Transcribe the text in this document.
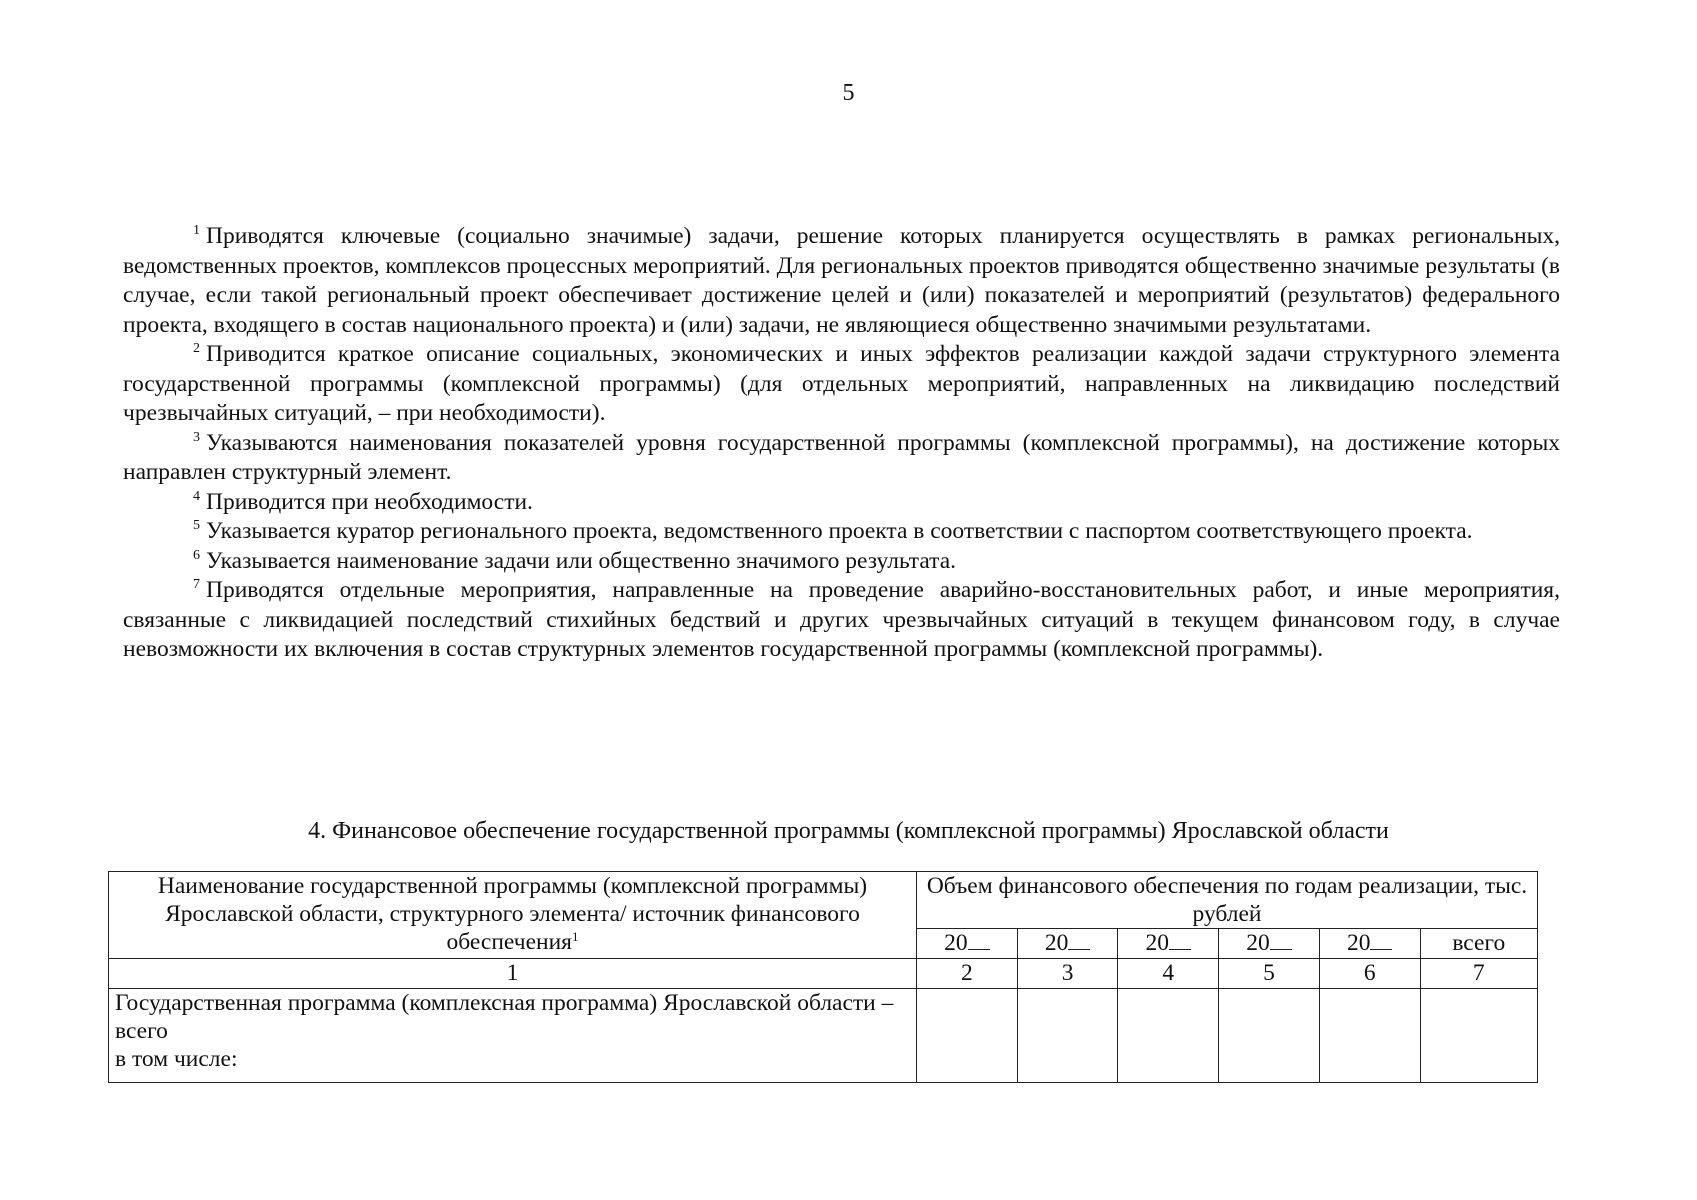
5

$^1$ Приводятся ключевые (социально значимые) задачи, решение которых планируется осуществлять в рамках региональных, ведомственных проектов, комплексов процессных мероприятий. Для региональных проектов приводятся общественно значимые результаты (в случае, если такой региональный проект обеспечивает достижение целей и (или) показателей и мероприятий (результатов) федерального проекта, входящего в состав национального проекта) и (или) задачи, не являющиеся общественно значимыми результатами.

$^2$ Приводится краткое описание социальных, экономических и иных эффектов реализации каждой задачи структурного элемента государственной программы (комплексной программы) (для отдельных мероприятий, направленных на ликвидацию последствий чрезвычайных ситуаций, – при необходимости).

$^3$ Указываются наименования показателей уровня государственной программы (комплексной программы), на достижение которых направлен структурный элемент.

$^4$ Приводится при необходимости.

$^5$ Указывается куратор регионального проекта, ведомственного проекта в соответствии с паспортом соответствующего проекта.

$^6$ Указывается наименование задачи или общественно значимого результата.

$^7$ Приводятся отдельные мероприятия, направленные на проведение аварийно-восстановительных работ, и иные мероприятия, связанные с ликвидацией последствий стихийных бедствий и других чрезвычайных ситуаций в текущем финансовом году, в случае невозможности их включения в состав структурных элементов государственной программы (комплексной программы).

4. Финансовое обеспечение государственной программы (комплексной программы) Ярославской области
Наименование государственной программы (комплексной программы) Ярославской области, структурного элемента/ источник финансового обеспечения$^1$	Объем финансового обеспечения по годам реализации, тыс. рублей					
	20	20	20	20	20	всего
1	2	3	4	5	6	7
Государственная программа (комплексная программа) Ярославской области – всего
в том числе:						
